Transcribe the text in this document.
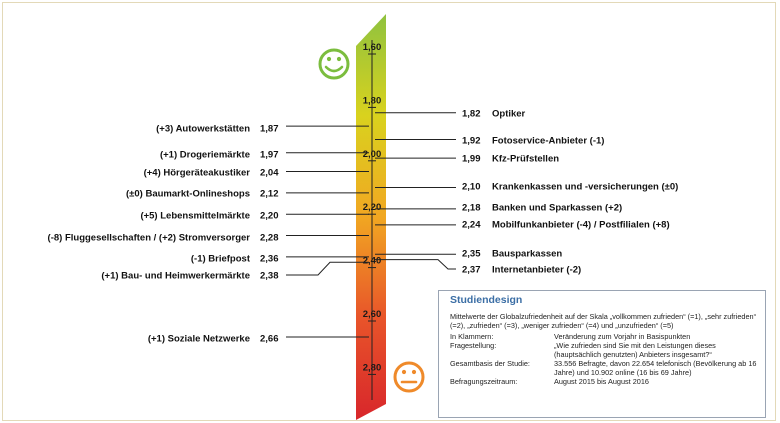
1,60
1,80
2,00
2,20
2,40
2,60
2,80
1,87
(+3) Autowerkstätten
1,97
(+1) Drogeriemärkte
2,04
(+4) Hörgeräteakustiker
2,12
(±0) Baumarkt-Onlineshops
2,20
(+5) Lebensmittelmärkte
2,28
(-8) Fluggesellschaften / (+2) Stromversorger
2,36
(-1) Briefpost
2,38
(+1) Bau- und Heimwerkermärkte
2,66
(+1) Soziale Netzwerke
1,82 Optiker
1,92 Fotoservice-Anbieter (-1)
1,99 Kfz-Prüfstellen
2,10 Krankenkassen und -versicherungen (±0)
2,18 Banken und Sparkassen (+2)
2,24 Mobilfunkanbieter (-4) / Postfilialen (+8)
2,35 Bausparkassen
2,37 Internetanbieter (-2)
Studiendesign
Mittelwerte der Globalzufriedenheit auf der Skala „vollkommen zufrieden“ (=1), „sehr zufrieden“ (=2), „zufrieden“ (=3), „weniger zufrieden“ (=4) und „unzufrieden“ (=5)
In Klammern:	Veränderung zum Vorjahr in Basispunkten
Fragestellung:	„Wie zufrieden sind Sie mit den Leistungen dieses (hauptsächlich genutzten) Anbieters insgesamt?“
Gesamtbasis der Studie:	33.556 Befragte, davon 22.654 telefonisch (Bevölkerung ab 16 Jahre) und 10.902 online (16 bis 69 Jahre)
Befragungszeitraum:	August 2015 bis August 2016
